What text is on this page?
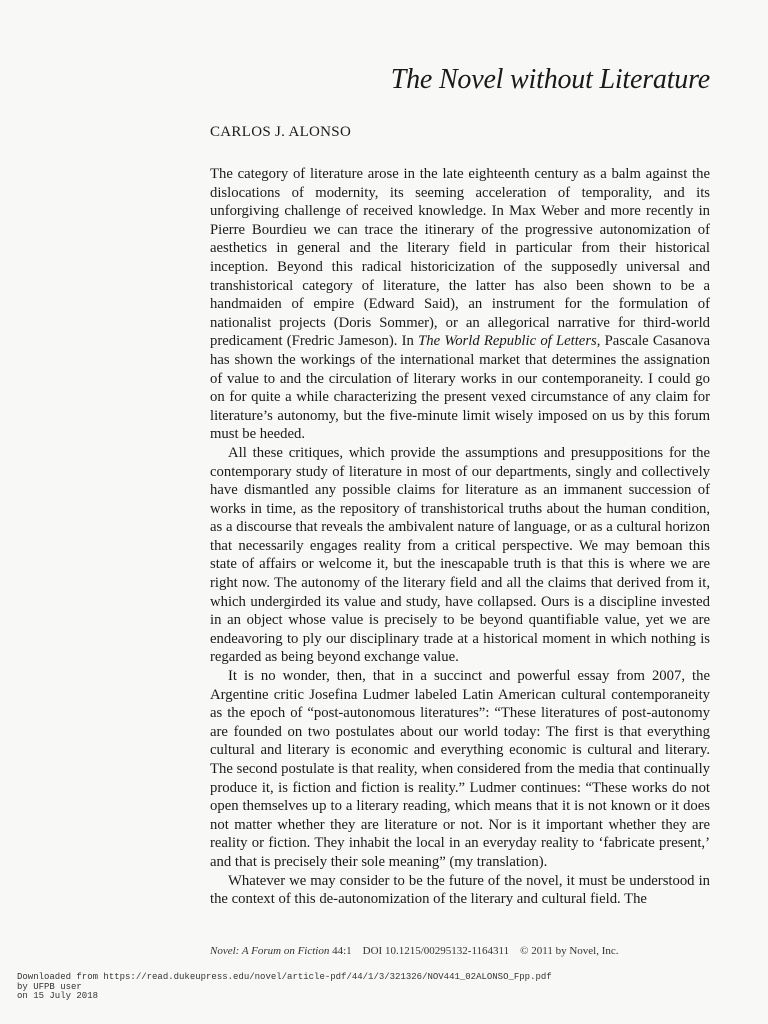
The Novel without Literature

CARLOS J. ALONSO

The category of literature arose in the late eighteenth century as a balm against the dislocations of modernity, its seeming acceleration of temporality, and its unforgiving challenge of received knowledge. In Max Weber and more recently in Pierre Bourdieu we can trace the itinerary of the progressive autonomization of aesthetics in general and the literary field in particular from their historical inception. Beyond this radical historicization of the supposedly universal and transhistorical category of literature, the latter has also been shown to be a handmaiden of empire (Edward Said), an instrument for the formulation of nationalist projects (Doris Sommer), or an allegorical narrative for third-world predicament (Fredric Jameson). In The World Republic of Letters, Pascale Casanova has shown the workings of the international market that determines the assignation of value to and the circulation of literary works in our contemporaneity. I could go on for quite a while characterizing the present vexed circumstance of any claim for literature’s autonomy, but the five-minute limit wisely imposed on us by this forum must be heeded.

All these critiques, which provide the assumptions and presuppositions for the contemporary study of literature in most of our departments, singly and collectively have dismantled any possible claims for literature as an immanent succession of works in time, as the repository of transhistorical truths about the human condition, as a discourse that reveals the ambivalent nature of language, or as a cultural horizon that necessarily engages reality from a critical perspective. We may bemoan this state of affairs or welcome it, but the inescapable truth is that this is where we are right now. The autonomy of the literary field and all the claims that derived from it, which undergirded its value and study, have collapsed. Ours is a discipline invested in an object whose value is precisely to be beyond quantifiable value, yet we are endeavoring to ply our disciplinary trade at a historical moment in which nothing is regarded as being beyond exchange value.

It is no wonder, then, that in a succinct and powerful essay from 2007, the Argentine critic Josefina Ludmer labeled Latin American cultural contemporaneity as the epoch of “post-autonomous literatures”: “These literatures of post-autonomy are founded on two postulates about our world today: The first is that everything cultural and literary is economic and everything economic is cultural and literary. The second postulate is that reality, when considered from the media that continually produce it, is fiction and fiction is reality.” Ludmer continues: “These works do not open themselves up to a literary reading, which means that it is not known or it does not matter whether they are literature or not. Nor is it important whether they are reality or fiction. They inhabit the local in an everyday reality to ‘fabricate present,’ and that is precisely their sole meaning” (my translation).

Whatever we may consider to be the future of the novel, it must be understood in the context of this de-autonomization of the literary and cultural field. The

Novel: A Forum on Fiction 44:1 DOI 10.1215/00295132-1164311 © 2011 by Novel, Inc.
Downloaded from https://read.dukeupress.edu/novel/article-pdf/44/1/3/321326/NOV441_02ALONSO_Fpp.pdf
by UFPB user
on 15 July 2018
